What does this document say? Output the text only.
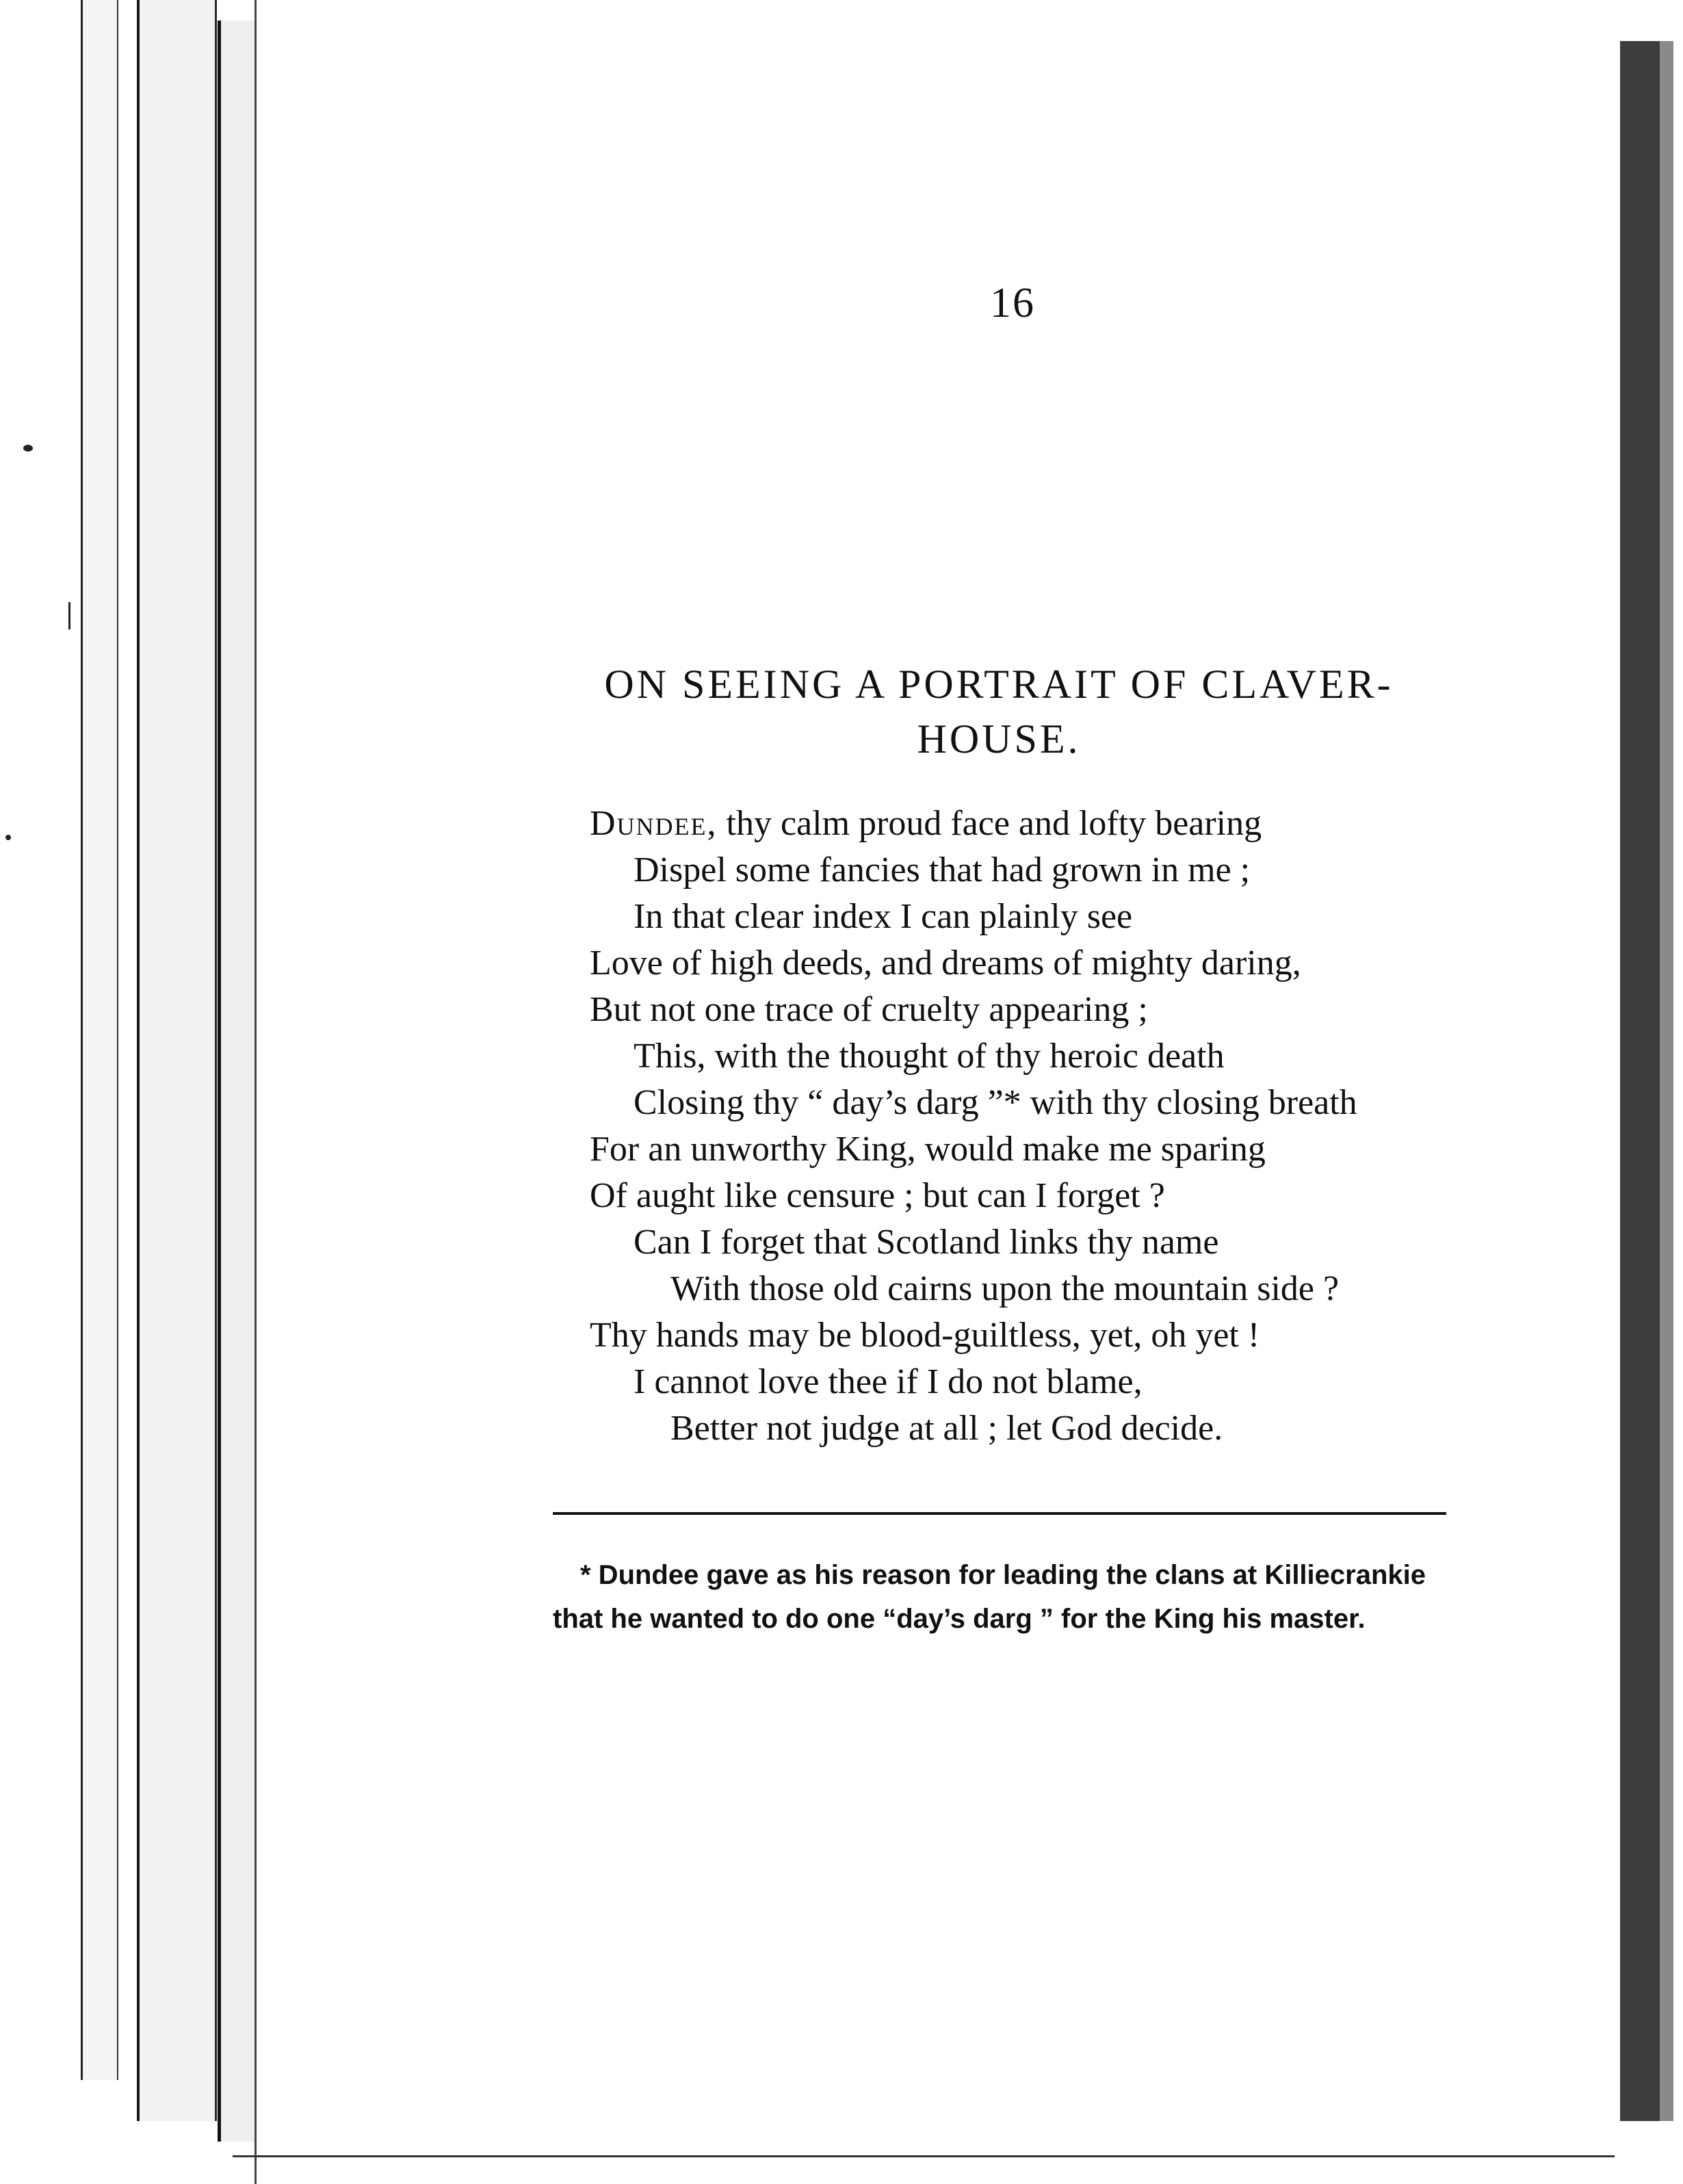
16
ON SEEING A PORTRAIT OF CLAVER-
HOUSE.
Dundee, thy calm proud face and lofty bearing
Dispel some fancies that had grown in me ;
In that clear index I can plainly see
Love of high deeds, and dreams of mighty daring,
But not one trace of cruelty appearing ;
This, with the thought of thy heroic death
Closing thy “ day’s darg ”* with thy closing breath
For an unworthy King, would make me sparing
Of aught like censure ; but can I forget ?
Can I forget that Scotland links thy name
With those old cairns upon the mountain side ?
Thy hands may be blood-guiltless, yet, oh yet !
I cannot love thee if I do not blame,
Better not judge at all ; let God decide.
* Dundee gave as his reason for leading the clans at Killiecrankie
that he wanted to do one “day’s darg ” for the King his master.
